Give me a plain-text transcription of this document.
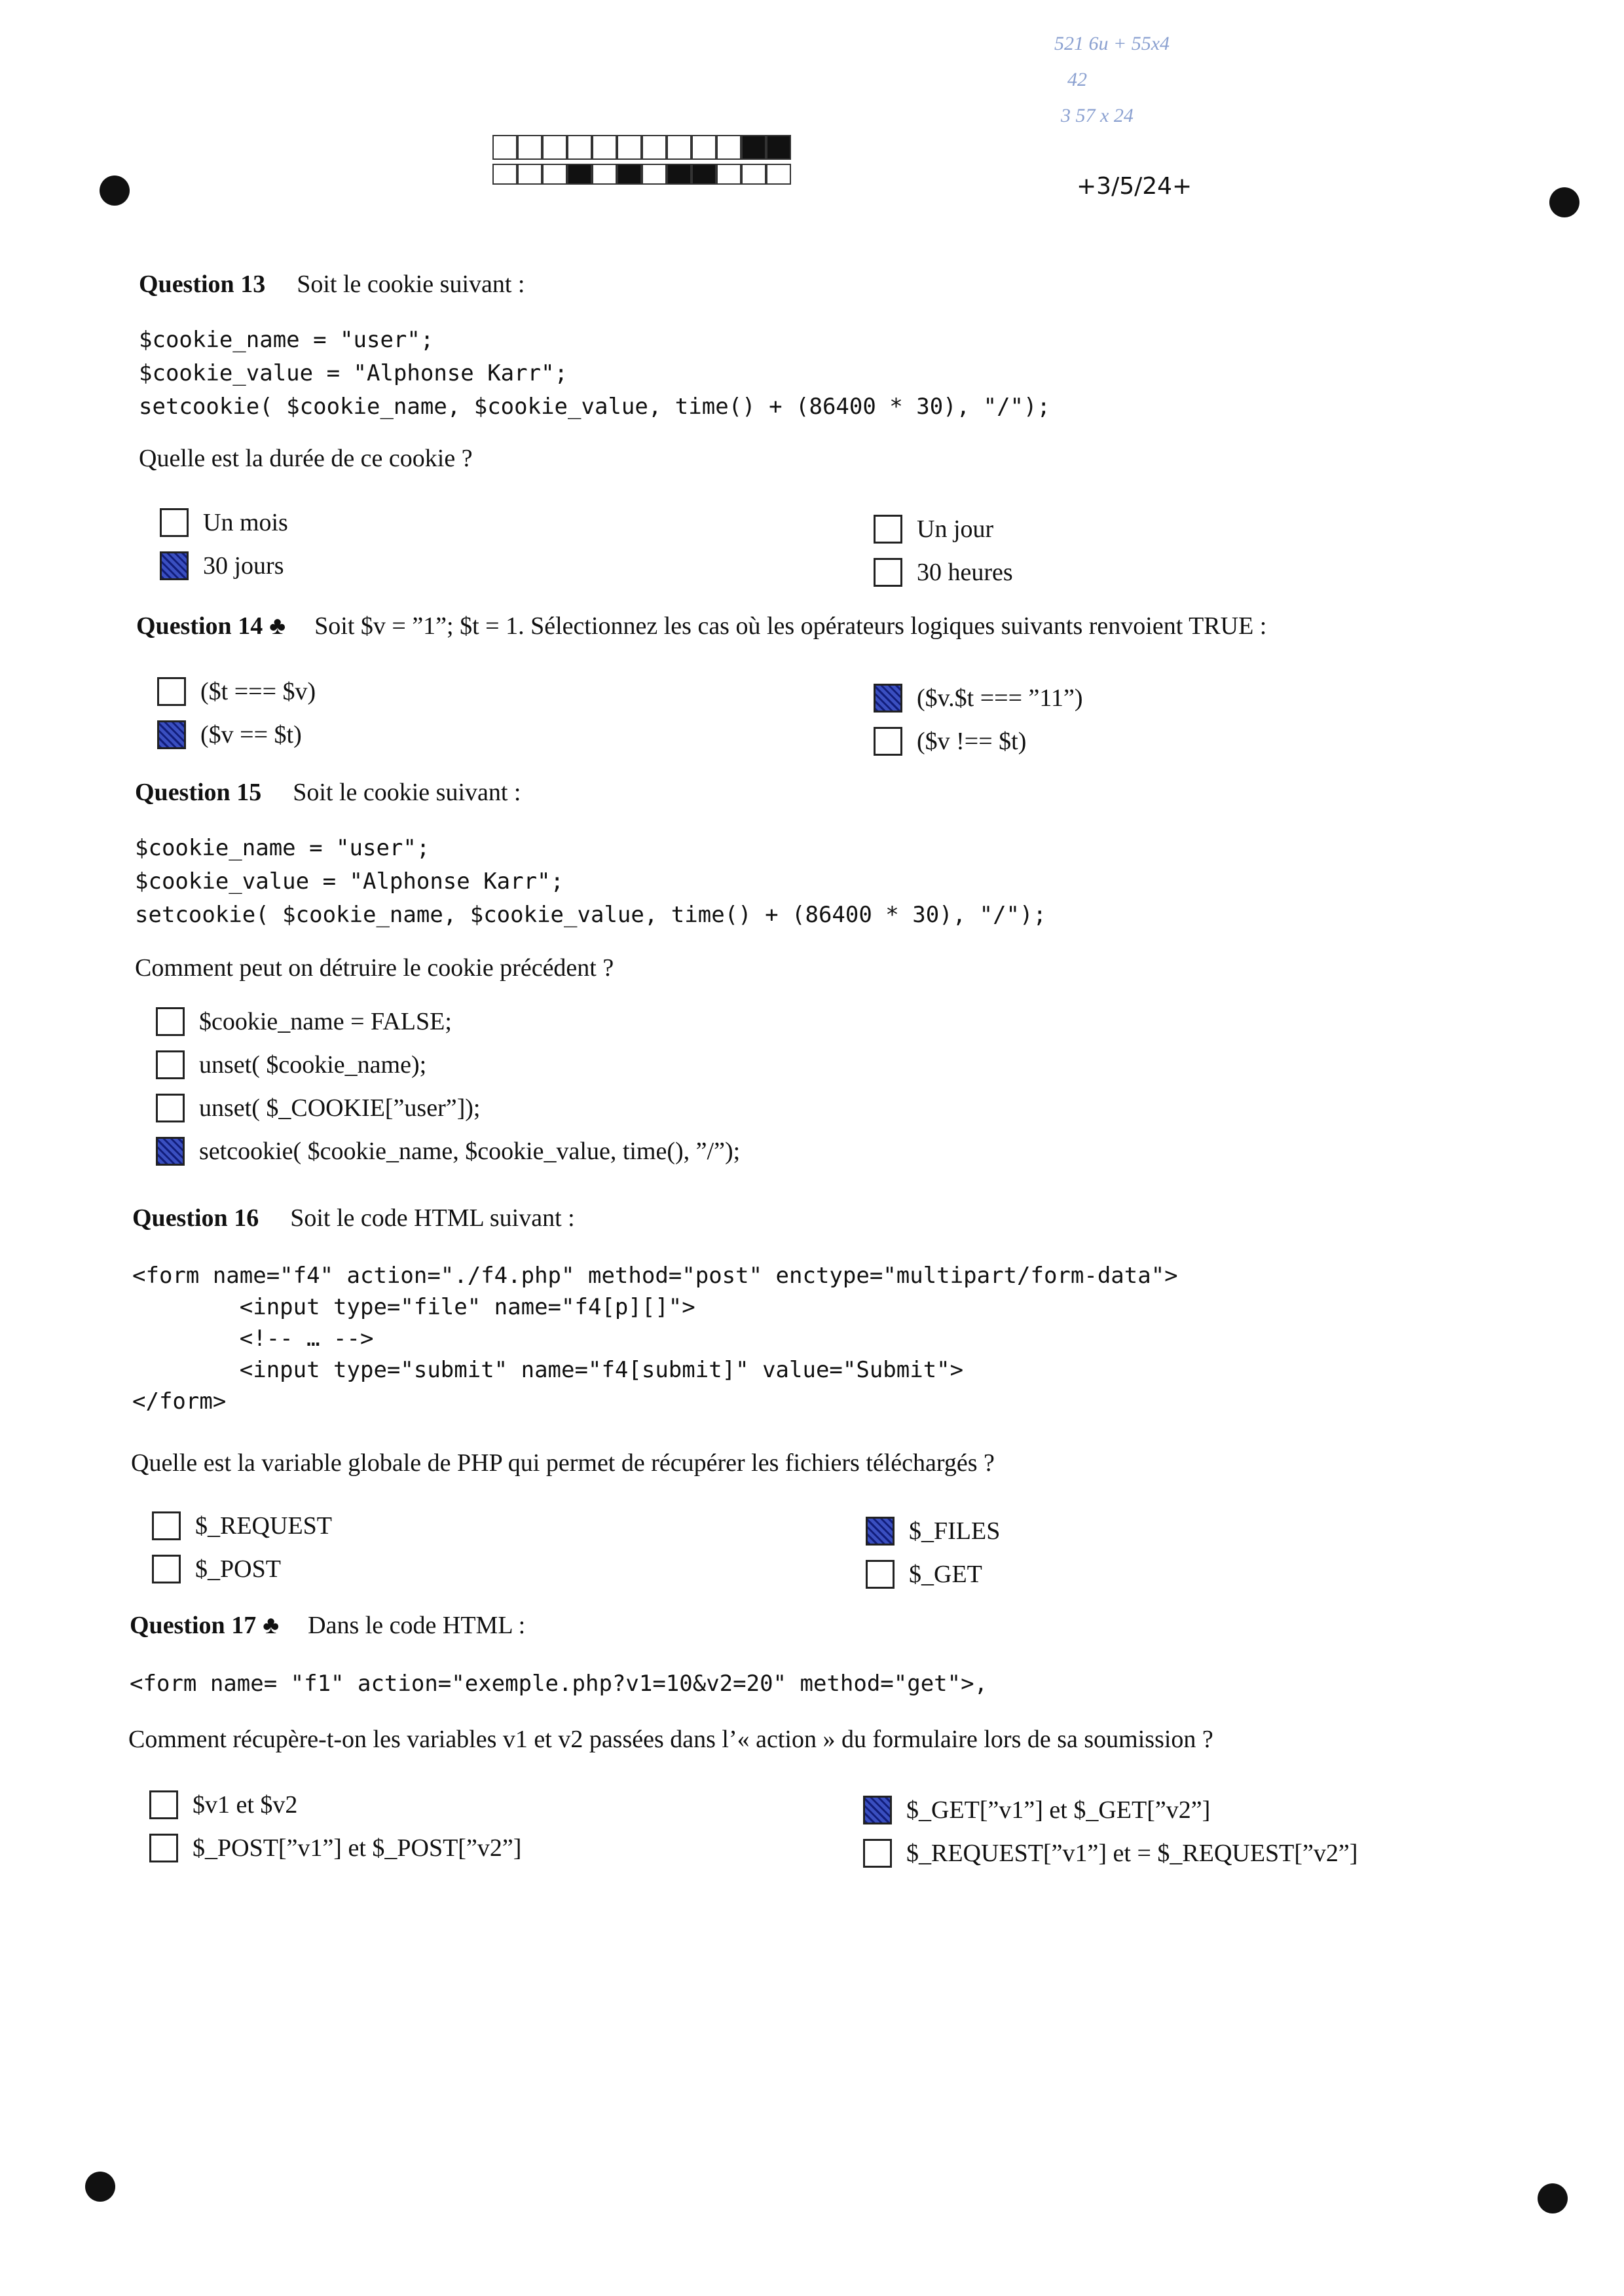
521 6u + 55x4
42
3 57 x 24
+3/5/24+
Question 13 Soit le cookie suivant :
$cookie_name = "user";
$cookie_value = "Alphonse Karr";
setcookie( $cookie_name, $cookie_value, time() + (86400 * 30), "/");
Quelle est la durée de ce cookie ?
Un mois
30 jours
Un jour
30 heures
Question 14 ♣ Soit $v = ”1”; $t = 1. Sélectionnez les cas où les opérateurs logiques suivants renvoient TRUE :
($t === $v)
($v == $t)
($v.$t === ”11”)
($v !== $t)
Question 15 Soit le cookie suivant :
$cookie_name = "user";
$cookie_value = "Alphonse Karr";
setcookie( $cookie_name, $cookie_value, time() + (86400 * 30), "/");
Comment peut on détruire le cookie précédent ?
$cookie_name = FALSE;
unset( $cookie_name);
unset( $_COOKIE[”user”]);
setcookie( $cookie_name, $cookie_value, time(), ”/”);
Question 16 Soit le code HTML suivant :
<form name="f4" action="./f4.php" method="post" enctype="multipart/form-data">
<input type="file" name="f4[p][]">
<!-- … -->
<input type="submit" name="f4[submit]" value="Submit">
</form>
Quelle est la variable globale de PHP qui permet de récupérer les fichiers téléchargés ?
$_REQUEST
$_POST
$_FILES
$_GET
Question 17 ♣ Dans le code HTML :
<form name= "f1" action="exemple.php?v1=10&v2=20" method="get">,
Comment récupère-t-on les variables v1 et v2 passées dans l’« action » du formulaire lors de sa soumission ?
$v1 et $v2
$_POST[”v1”] et $_POST[”v2”]
$_GET[”v1”] et $_GET[”v2”]
$_REQUEST[”v1”] et = $_REQUEST[”v2”]
